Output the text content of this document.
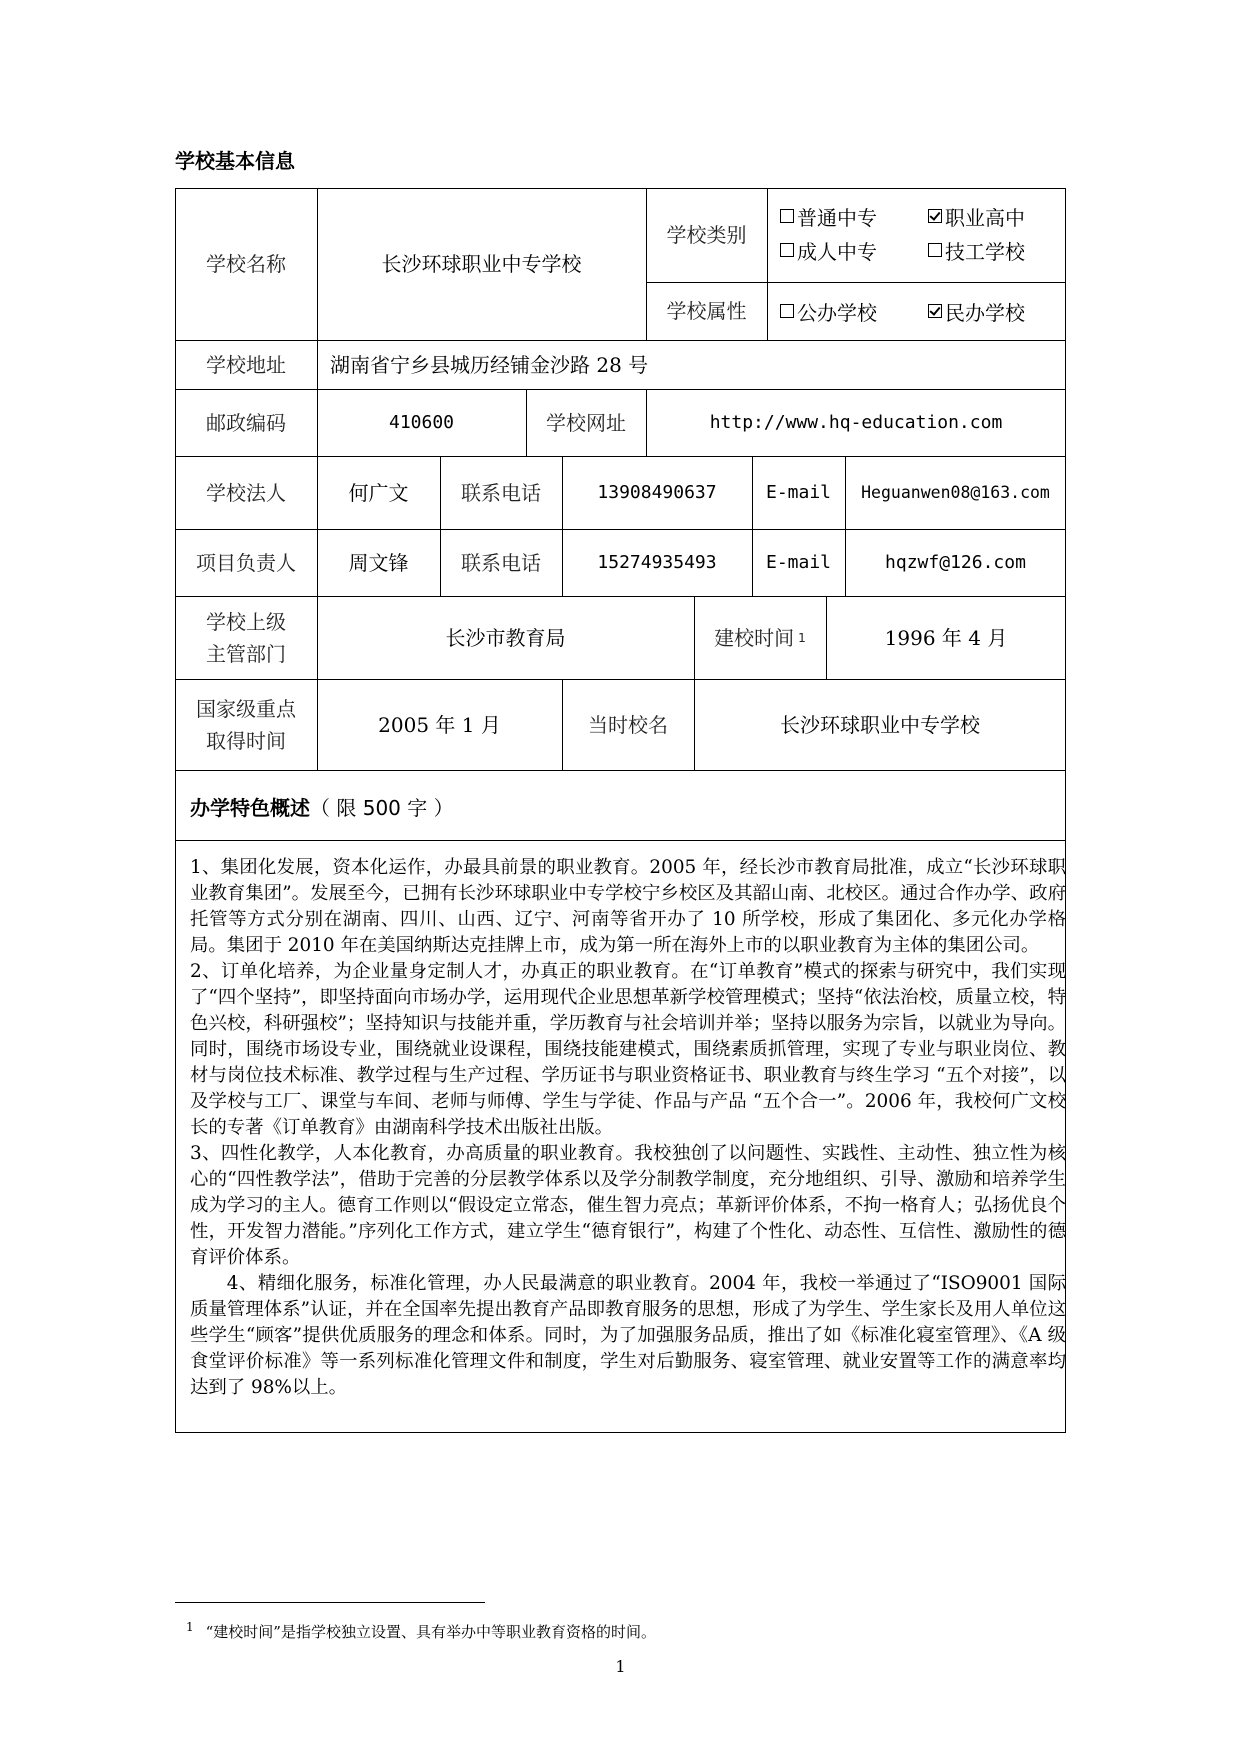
学校基本信息
学校名称	长沙环球职业中专学校
学校类别
普通中专	职业高中
成人中专	技工学校
学校属性	公办学校	民办学校
学校地址	湖南省宁乡县城历经铺金沙路 28 号
邮政编码	410600	学校网址	http://www.hq-education.com
学校法人	何广文	联系电话	13908490637	E-mail	Heguanwen08@163.com
项目负责人	周文锋	联系电话	15274935493	E-mail	hqzwf@126.com
学校上级
主管部门
长沙市教育局	建校时间 1	1996 年 4 月
国家级重点
取得时间
2005 年 1 月	当时校名	长沙环球职业中专学校
办学特色概述（ 限 500 字 ）

1、集团化发展，资本化运作，办最具前景的职业教育。2005 年，经长沙市教育局批准，成立“长沙环球职业教育集团”。发展至今，已拥有长沙环球职业中专学校宁乡校区及其韶山南、北校区。通过合作办学、政府托管等方式分别在湖南、四川、山西、辽宁、河南等省开办了 10 所学校，形成了集团化、多元化办学格局。集团于 2010 年在美国纳斯达克挂牌上市，成为第一所在海外上市的以职业教育为主体的集团公司。

2、订单化培养，为企业量身定制人才，办真正的职业教育。在“订单教育”模式的探索与研究中，我们实现了“四个坚持”，即坚持面向市场办学，运用现代企业思想革新学校管理模式；坚持“依法治校，质量立校，特色兴校，科研强校”；坚持知识与技能并重，学历教育与社会培训并举；坚持以服务为宗旨，以就业为导向。同时，围绕市场设专业，围绕就业设课程，围绕技能建模式，围绕素质抓管理，实现了专业与职业岗位、教材与岗位技术标准、教学过程与生产过程、学历证书与职业资格证书、职业教育与终生学习 “五个对接”，以及学校与工厂、课堂与车间、老师与师傅、学生与学徒、作品与产品 “五个合一”。2006 年，我校何广文校长的专著《订单教育》由湖南科学技术出版社出版。

3、四性化教学，人本化教育，办高质量的职业教育。我校独创了以问题性、实践性、主动性、独立性为核心的“四性教学法”，借助于完善的分层教学体系以及学分制教学制度，充分地组织、引导、激励和培养学生成为学习的主人。德育工作则以“假设定立常态，催生智力亮点；革新评价体系，不拘一格育人；弘扬优良个性，开发智力潜能。”序列化工作方式，建立学生“德育银行”，构建了个性化、动态性、互信性、激励性的德育评价体系。

4、精细化服务，标准化管理，办人民最满意的职业教育。2004 年，我校一举通过了“ISO9001 国际质量管理体系”认证，并在全国率先提出教育产品即教育服务的思想，形成了为学生、学生家长及用人单位这些学生“顾客”提供优质服务的理念和体系。同时，为了加强服务品质，推出了如《标准化寝室管理》、《A 级食堂评价标准》等一系列标准化管理文件和制度，学生对后勤服务、寝室管理、就业安置等工作的满意率均达到了 98%以上。

$^1$ “建校时间”是指学校独立设置、具有举办中等职业教育资格的时间。
1
